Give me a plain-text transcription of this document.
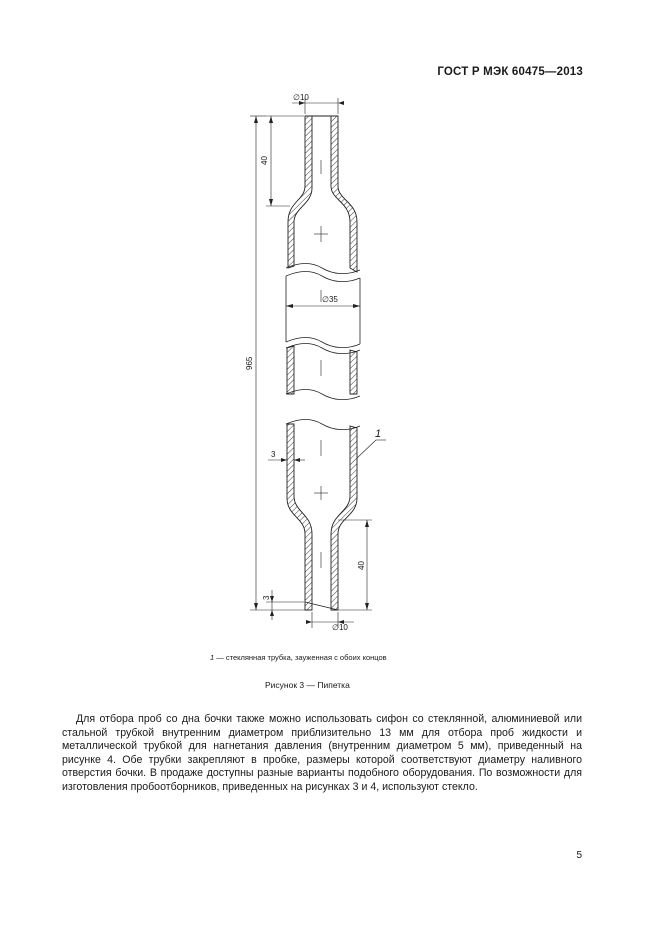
ГОСТ Р МЭК 60475—2013
∅10
40
∅35
965
3
40
3
∅10
1
1 — стеклянная трубка, зауженная с обоих концов
Рисунок 3 — Пипетка

Для отбора проб со дна бочки также можно использовать сифон со стеклянной, алюминиевой или стальной трубкой внутренним диаметром приблизительно 13 мм для отбора проб жидкости и металлической трубкой для нагнетания давления (внутренним диаметром 5 мм), приведенный на рисунке 4. Обе трубки закрепляют в пробке, размеры которой соответствуют диаметру наливного отверстия бочки. В продаже доступны разные варианты подобного оборудования. По возможности для изготовления пробоотборников, приведенных на рисунках 3 и 4, используют стекло.

5
